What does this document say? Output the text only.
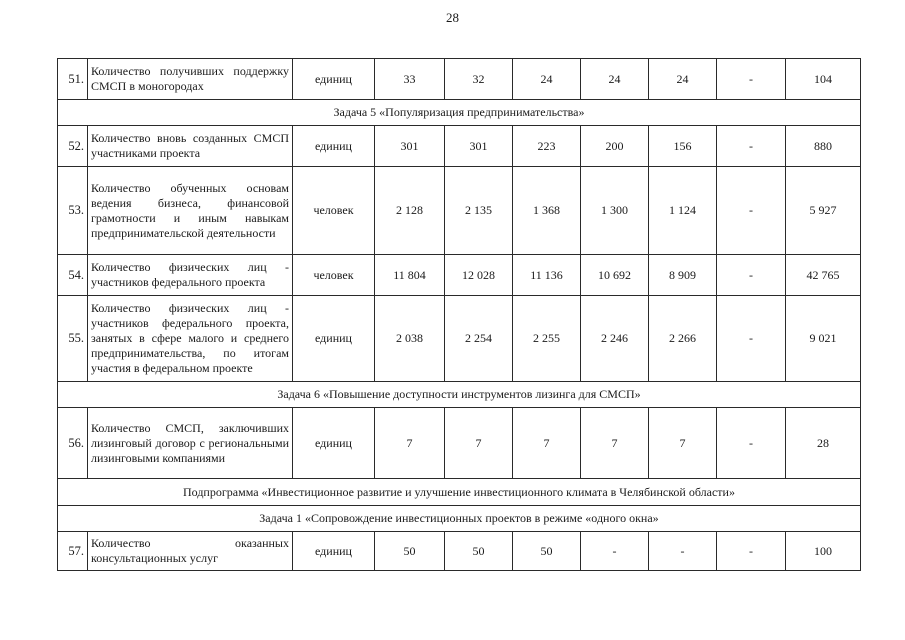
28
51.	Количество получивших поддержку СМСП в моногородах	единиц	33	32	24	24	24	-	104
Задача 5 «Популяризация предпринимательства»									
52.	Количество вновь созданных СМСП участниками проекта	единиц	301	301	223	200	156	-	880
53.	Количество обученных основам ведения бизнеса, финансовой грамотности и иным навыкам предпринимательской деятельности	человек	2 128	2 135	1 368	1 300	1 124	-	5 927
54.	Количество физических лиц - участников федерального проекта	человек	11 804	12 028	11 136	10 692	8 909	-	42 765
55.	Количество физических лиц - участников федерального проекта, занятых в сфере малого и среднего предпринимательства, по итогам участия в федеральном проекте	единиц	2 038	2 254	2 255	2 246	2 266	-	9 021
Задача 6 «Повышение доступности инструментов лизинга для СМСП»									
56.	Количество СМСП, заключивших лизинговый договор с региональными лизинговыми компаниями	единиц	7	7	7	7	7	-	28
Подпрограмма «Инвестиционное развитие и улучшение инвестиционного климата в Челябинской области»									
Задача 1 «Сопровождение инвестиционных проектов в режиме «одного окна»									
57.	Количество оказанных консультационных услуг	единиц	50	50	50	-	-	-	100
